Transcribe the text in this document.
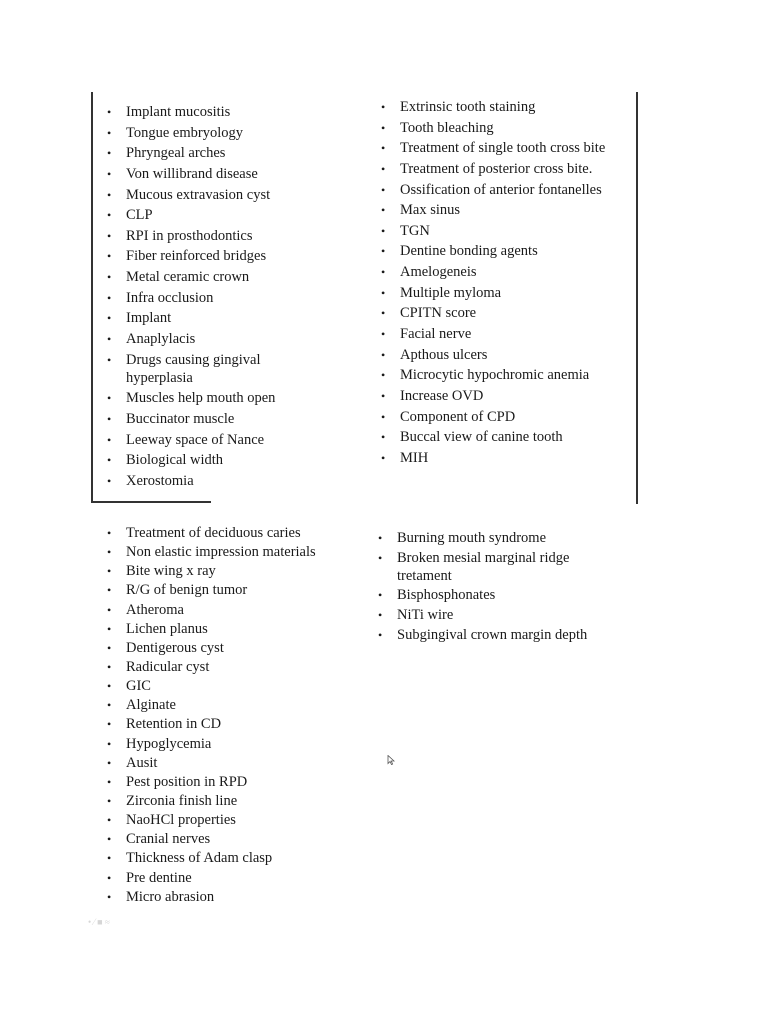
• Implant mucositis
• Tongue embryology
• Phryngeal arches
• Von willibrand disease
• Mucous extravasion cyst
• CLP
• RPI in prosthodontics
• Fiber reinforced bridges
• Metal ceramic crown
• Infra occlusion
• Implant
• Anaplylacis
• Drugs causing gingival hyperplasia
• Muscles help mouth open
• Buccinator muscle
• Leeway space of Nance
• Biological width
• Xerostomia
• Extrinsic tooth staining
• Tooth bleaching
• Treatment of single tooth cross bite
• Treatment of posterior cross bite.
• Ossification of anterior fontanelles
• Max sinus
• TGN
• Dentine bonding agents
• Amelogeneis
• Multiple myloma
• CPITN score
• Facial nerve
• Apthous ulcers
• Microcytic hypochromic anemia
• Increase OVD
• Component of CPD
• Buccal view of canine tooth
• MIH
• Treatment of deciduous caries
• Non elastic impression materials
• Bite wing x ray
• R/G of benign tumor
• Atheroma
• Lichen planus
• Dentigerous cyst
• Radicular cyst
• GIC
• Alginate
• Retention in CD
• Hypoglycemia
• Ausit
• Pest position in RPD
• Zirconia finish line
• NaoHCl properties
• Cranial nerves
• Thickness of Adam clasp
• Pre dentine
• Micro abrasion
• Burning mouth syndrome
• Broken mesial marginal ridge tretament
• Bisphosphonates
• NiTi wire
• Subgingival crown margin depth
• ⁄ ■ ≈
